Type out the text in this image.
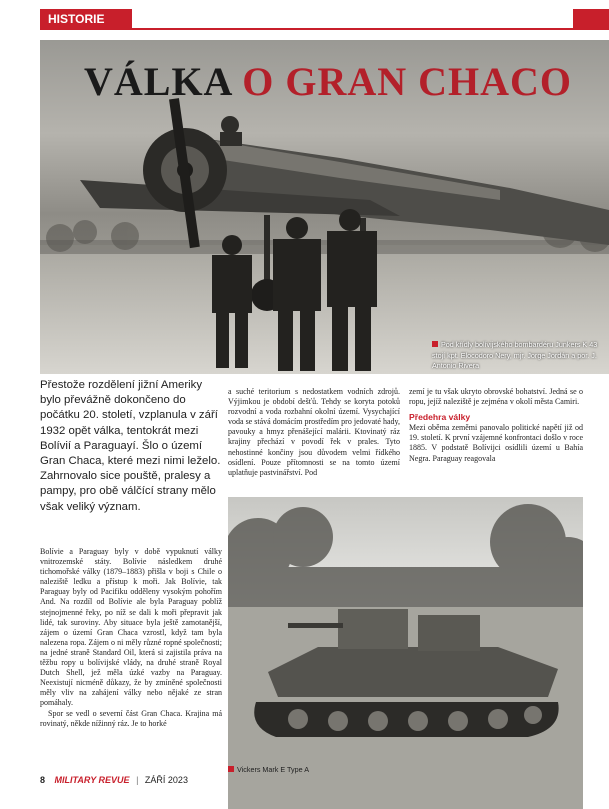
HISTORIE
VÁLKA O GRAN CHACO
Pod křídly bolívijského bombardéru Junkers K 43 stojí kpt. Elocodoro Nery, mjr. Jorge Jordán a por. J. Antonio Rivera

Přestože rozdělení jižní Ameriky bylo převážně dokončeno do počátku 20. století, vzplanula v září 1932 opět válka, tentokrát mezi Bolívií a Paraguayí. Šlo o území Gran Chaca, které mezi nimi leželo. Zahrnovalo sice pouště, pralesy a pampy, pro obě válčící strany mělo však veliký význam.

Bolívie a Paraguay byly v době vypuknutí války vnitrozemské státy. Bolívie následkem druhé tichomořské války (1879–1883) přišla v boji s Chile o naleziště ledku a přístup k moři. Jak Bolívie, tak Paraguay byly od Pacifiku odděleny vysokým pohořím And. Na rozdíl od Bolívie ale byla Paraguay poblíž stejnojmenné řeky, po níž se dali k moři přepravit jak lidé, tak suroviny. Aby situace byla ještě zamotanější, zájem o území Gran Chaca vzrostl, když tam byla nalezena ropa. Zájem o ni měly různé ropné společnosti; na jedné straně Standard Oil, která si zajistila práva na těžbu ropy u bolívijské vlády, na druhé straně Royal Dutch Shell, jež měla úzké vazby na Paraguay. Neexistují nicméně důkazy, že by zmíněné společnosti měly vliv na zahájení války nebo nějaké ze stran pomáhaly.

Spor se vedl o severní část Gran Chaca. Krajina má rovinatý, někde nížinný ráz. Je to horké

a suché teritorium s nedostatkem vodních zdrojů. Výjimkou je období dešťů. Tehdy se koryta potoků rozvodní a voda rozbahní okolní území. Vysychající voda se stává domácím prostředím pro jedovaté hady, pavouky a hmyz přenášející malárii. Ktovinatý ráz krajiny přechází v povodí řek v prales. Tyto nehostinné končiny jsou důvodem velmi řídkého osídlení. Pouze přítomnosti se na tomto území uplatňuje pastvinářství. Pod

zemí je tu však ukryto obrovské bohatství. Jedná se o ropu, jejíž naleziště je zejména v okolí města Camiri.

Předehra války

Mezi oběma zeměmi panovalo politické napětí již od 19. století. K první vzájemné konfrontaci došlo v roce 1885. V podstatě Bolívijci osídlili území u Bahía Negra. Paraguay reagovala

Vickers Mark E Type A
8 MILITARY REVUE | ZÁŘÍ 2023
